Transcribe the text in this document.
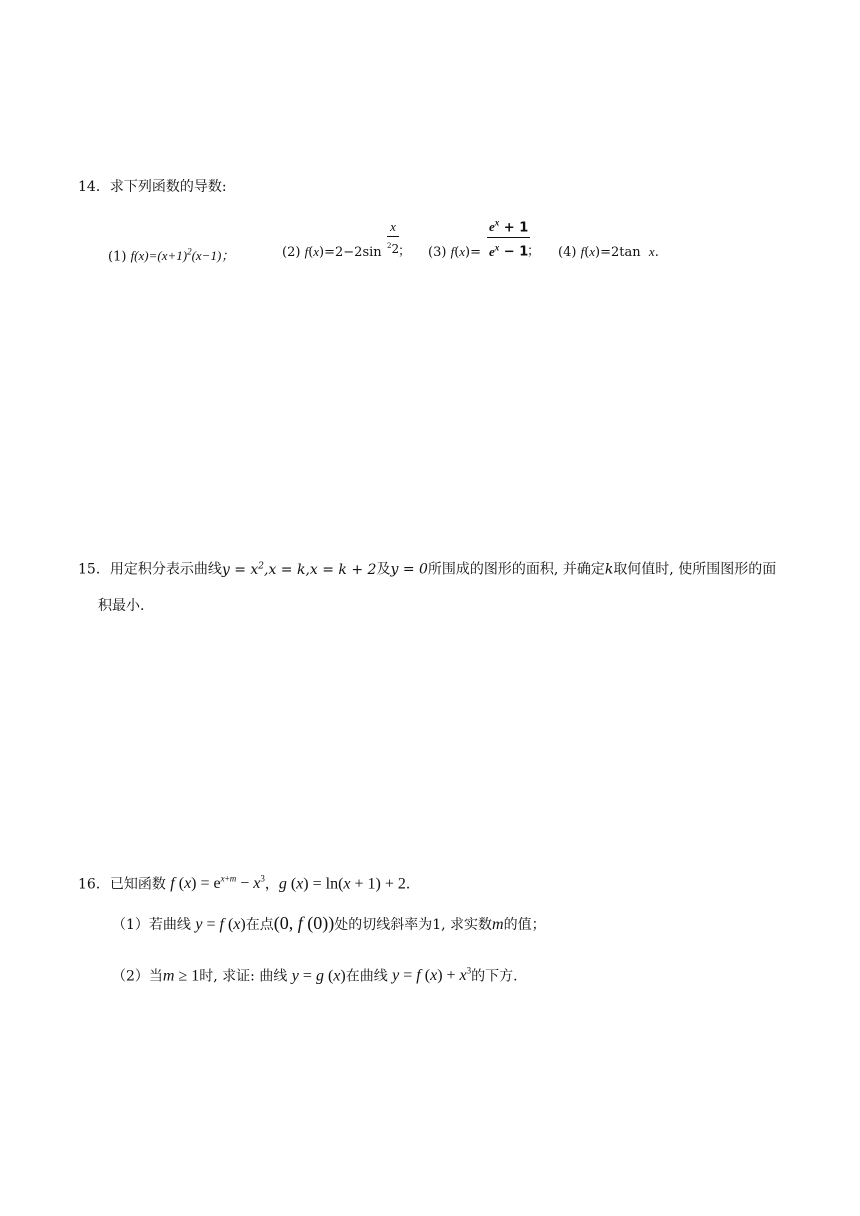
14．求下列函数的导数:
(1) $f(x)=(x+1)^2(x-1)$；	(2) f(x)=2−2sin
x
$^2$2
； (3) f(x)=
$e^x + 1$
$e^x - 1$
； (4) f(x)=2tan  x.
15．用定积分表示曲线$y = x^2,x = k,x = k + 2$及y = 0所围成的图形的面积, 并确定k取何值时, 使所围图形的面
积最小.
16．已知函数 f $(x) = e^{x+m} - x^3$，g (x) = ln(x + 1) + 2．
（1）若曲线 y = f (x)在点(0, f (0))处的切线斜率为1, 求实数m的值；
（2）当m ≥ 1时, 求证: 曲线 y = g (x)在曲线 y = f $(x) + x^3$的下方.
